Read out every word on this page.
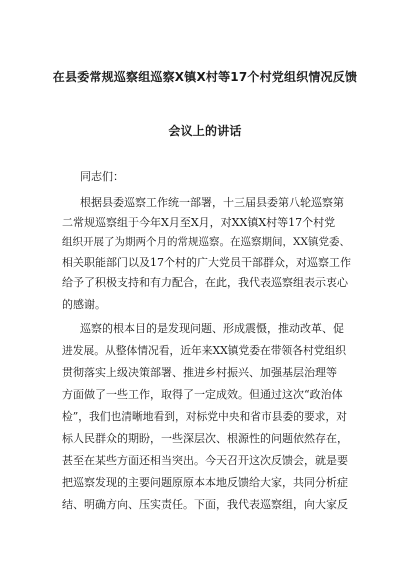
在县委常规巡察组巡察X镇X村等17个村党组织情况反馈
会议上的讲话
同志们：
根据县委巡察工作统一部署，十三届县委第八轮巡察第
二常规巡察组于今年X月至X月，对XX镇X村等17个村党
组织开展了为期两个月的常规巡察。在巡察期间，XX镇党委、
相关职能部门以及17个村的广大党员干部群众，对巡察工作
给予了积极支持和有力配合，在此，我代表巡察组表示衷心
的感谢。
巡察的根本目的是发现问题、形成震慑，推动改革、促
进发展。从整体情况看，近年来XX镇党委在带领各村党组织
贯彻落实上级决策部署、推进乡村振兴、加强基层治理等
方面做了一些工作，取得了一定成效。但通过这次“政治体
检”，我们也清晰地看到，对标党中央和省市县委的要求，对
标人民群众的期盼，一些深层次、根源性的问题依然存在，
甚至在某些方面还相当突出。今天召开这次反馈会，就是要
把巡察发现的主要问题原原本本地反馈给大家，共同分析症
结、明确方向、压实责任。下面，我代表巡察组，向大家反
